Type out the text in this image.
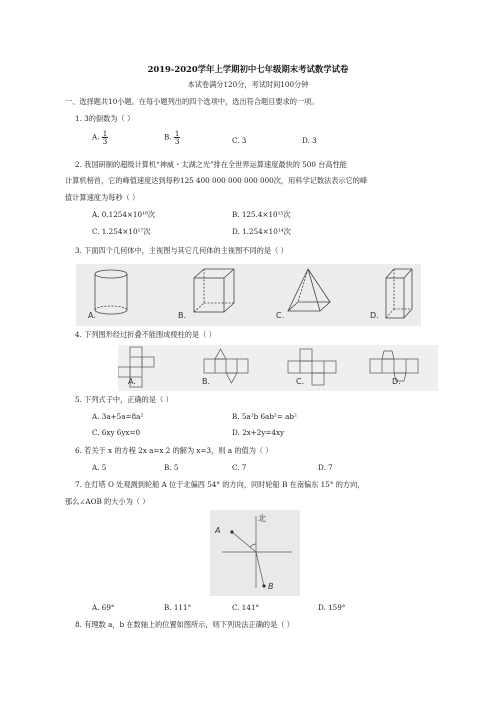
2019-2020学年上学期初中七年级期末考试数学试卷
本试卷满分120分，考试时间100分钟
一、选择题共10小题。在每小题列出的四个选项中，选出符合题目要求的一项。
1. 3的倒数为（ ）
A. $\frac{1}{3}$	B. $\frac{1}{3}$	C. 3	D. 3
2. 我国研制的超级计算机“神威・太湖之光”排在全世界运算速度最快的 500 台高性能
计算机榜首，它的峰值速度达到每秒125 400 000 000 000 000次，用科学记数法表示它的峰
值计算速度为每秒（ ）
A. 0.1254×10¹⁸次	B. 125.4×10¹⁵次
C. 1.254×10¹⁷次	D. 1.254×10¹⁴次
3. 下面四个几何体中，主视图与其它几何体的主视图不同的是（ ）
A.	B.	C.	D.
4. 下列图形经过折叠不能围成棱柱的是（ ）
A.	B.	C.	D.
5. 下列式子中，正确的是（ ）
A. 3a+5a=8a²	B. 5a²b 6ab²= ab²
C. 6xy 6yx=0	D. 2x+2y=4xy
6. 若关于 x 的方程 2x a=x 2 的解为 x=3，则 a 的值为（ ）
A. 5	B. 5	C. 7	D. 7
7. 在灯塔 O 处观测到轮船 A 位于北偏西 54° 的方向，同时轮船 B 在南偏东 15° 的方向，
那么∠AOB 的大小为（ ）
北
A
B
A. 69°	B. 111°	C. 141°	D. 159°
8. 有理数 a，b 在数轴上的位置如图所示，则下列说法正确的是（ ）
